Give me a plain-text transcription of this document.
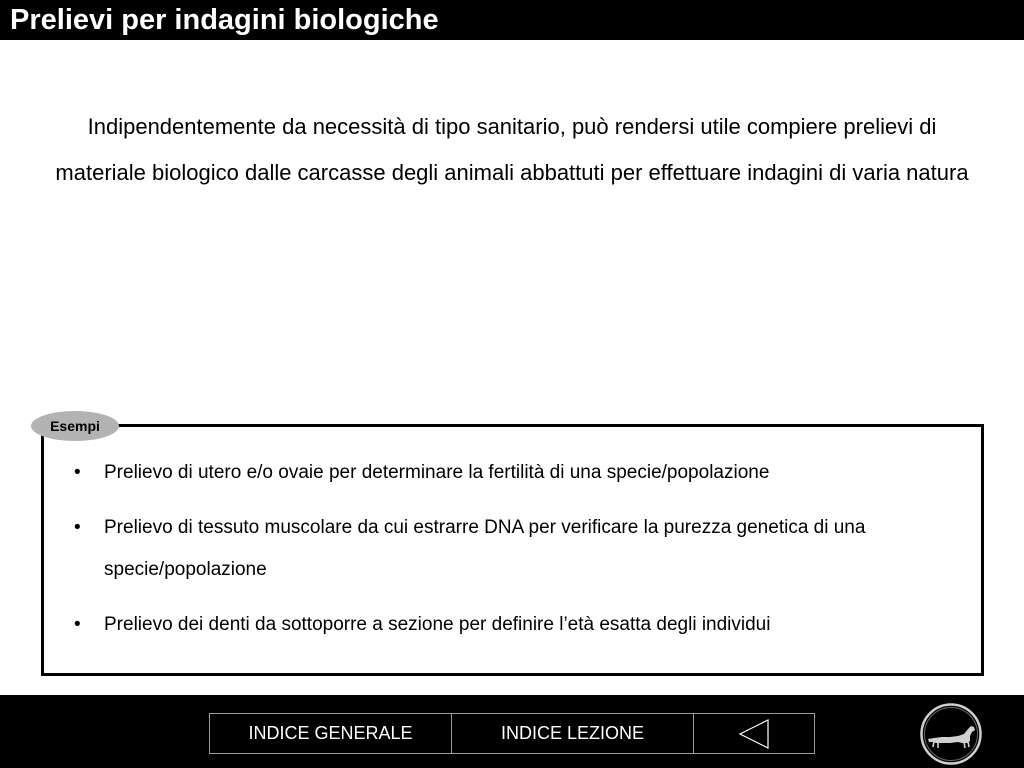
Prelievi per indagini biologiche
Indipendentemente da necessità di tipo sanitario, può rendersi utile compiere prelievi di materiale biologico dalle carcasse degli animali abbattuti per effettuare indagini di varia natura
Esempi
• Prelievo di utero e/o ovaie per determinare la fertilità di una specie/popolazione
• Prelievo di tessuto muscolare da cui estrarre DNA per verificare la purezza genetica di una specie/popolazione
• Prelievo dei denti da sottoporre a sezione per definire l’età esatta degli individui
INDICE GENERALE	INDICE LEZIONE
